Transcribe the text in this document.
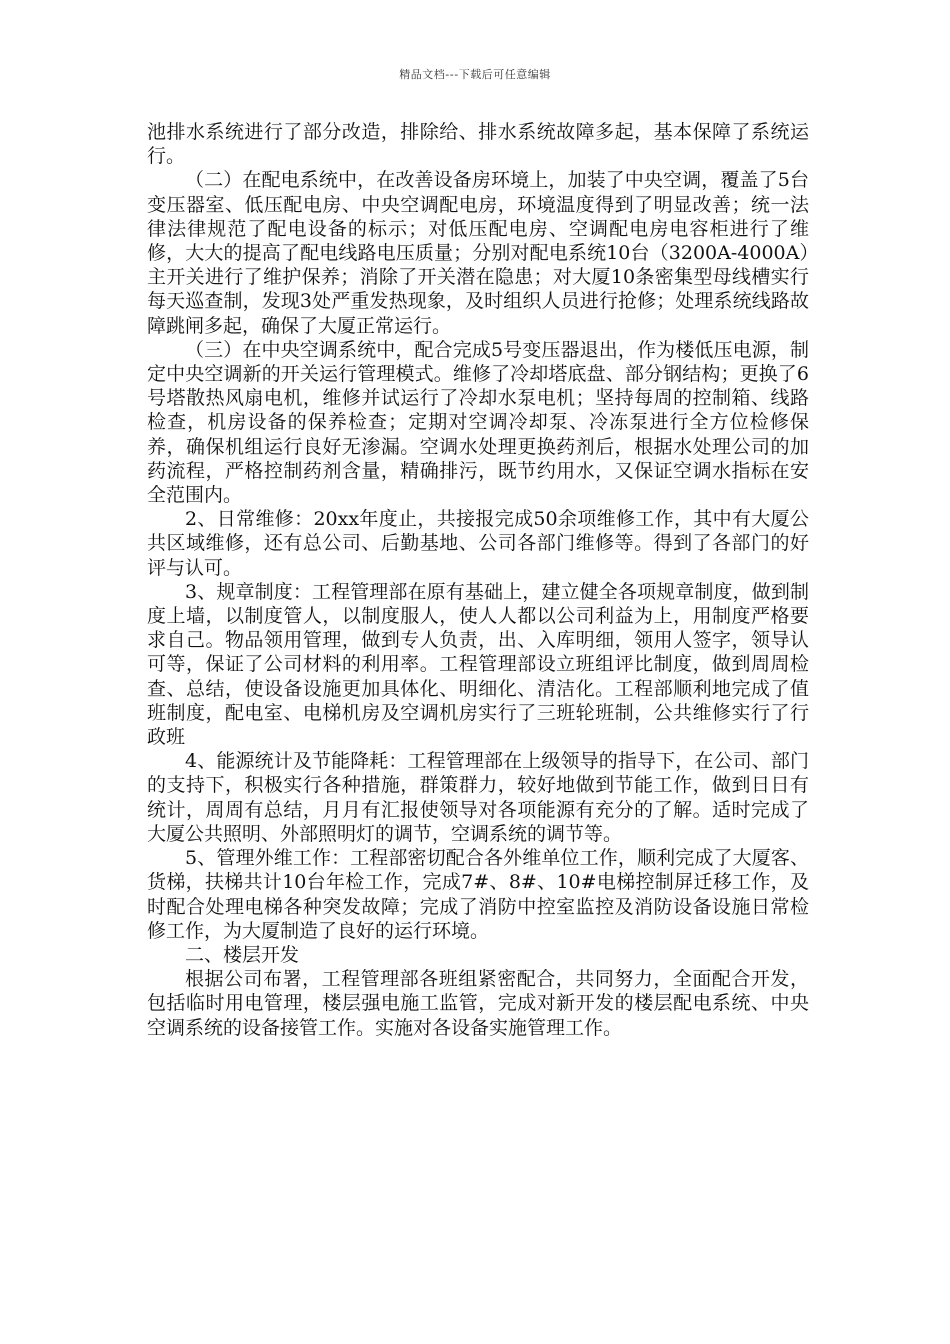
精品文档---下载后可任意编辑

池排水系统进行了部分改造，排除给、排水系统故障多起，基本保障了系统运行。

（二）在配电系统中，在改善设备房环境上，加装了中央空调，覆盖了5台变压器室、低压配电房、中央空调配电房，环境温度得到了明显改善；统一法律法律规范了配电设备的标示；对低压配电房、空调配电房电容柜进行了维修，大大的提高了配电线路电压质量；分别对配电系统10台（3200A-4000A）主开关进行了维护保养；消除了开关潜在隐患；对大厦10条密集型母线槽实行每天巡查制，发现3处严重发热现象，及时组织人员进行抢修；处理系统线路故障跳闸多起，确保了大厦正常运行。

（三）在中央空调系统中，配合完成5号变压器退出，作为楼低压电源，制定中央空调新的开关运行管理模式。维修了冷却塔底盘、部分钢结构；更换了6号塔散热风扇电机，维修并试运行了冷却水泵电机；坚持每周的控制箱、线路检查，机房设备的保养检查；定期对空调冷却泵、冷冻泵进行全方位检修保养，确保机组运行良好无渗漏。空调水处理更换药剂后，根据水处理公司的加药流程，严格控制药剂含量，精确排污，既节约用水，又保证空调水指标在安全范围内。

2、日常维修：20xx年度止，共接报完成50余项维修工作，其中有大厦公共区域维修，还有总公司、后勤基地、公司各部门维修等。得到了各部门的好评与认可。

3、规章制度：工程管理部在原有基础上，建立健全各项规章制度，做到制度上墙，以制度管人，以制度服人，使人人都以公司利益为上，用制度严格要求自己。物品领用管理，做到专人负责，出、入库明细，领用人签字，领导认可等，保证了公司材料的利用率。工程管理部设立班组评比制度，做到周周检查、总结，使设备设施更加具体化、明细化、清洁化。工程部顺利地完成了值班制度，配电室、电梯机房及空调机房实行了三班轮班制，公共维修实行了行政班

4、能源统计及节能降耗：工程管理部在上级领导的指导下，在公司、部门的支持下，积极实行各种措施，群策群力，较好地做到节能工作，做到日日有统计，周周有总结，月月有汇报使领导对各项能源有充分的了解。适时完成了大厦公共照明、外部照明灯的调节，空调系统的调节等。

5、管理外维工作：工程部密切配合各外维单位工作，顺利完成了大厦客、货梯，扶梯共计10台年检工作，完成7#、8#、10#电梯控制屏迁移工作，及时配合处理电梯各种突发故障；完成了消防中控室监控及消防设备设施日常检修工作，为大厦制造了良好的运行环境。

二、楼层开发

根据公司布署，工程管理部各班组紧密配合，共同努力，全面配合开发，包括临时用电管理，楼层强电施工监管，完成对新开发的楼层配电系统、中央空调系统的设备接管工作。实施对各设备实施管理工作。
